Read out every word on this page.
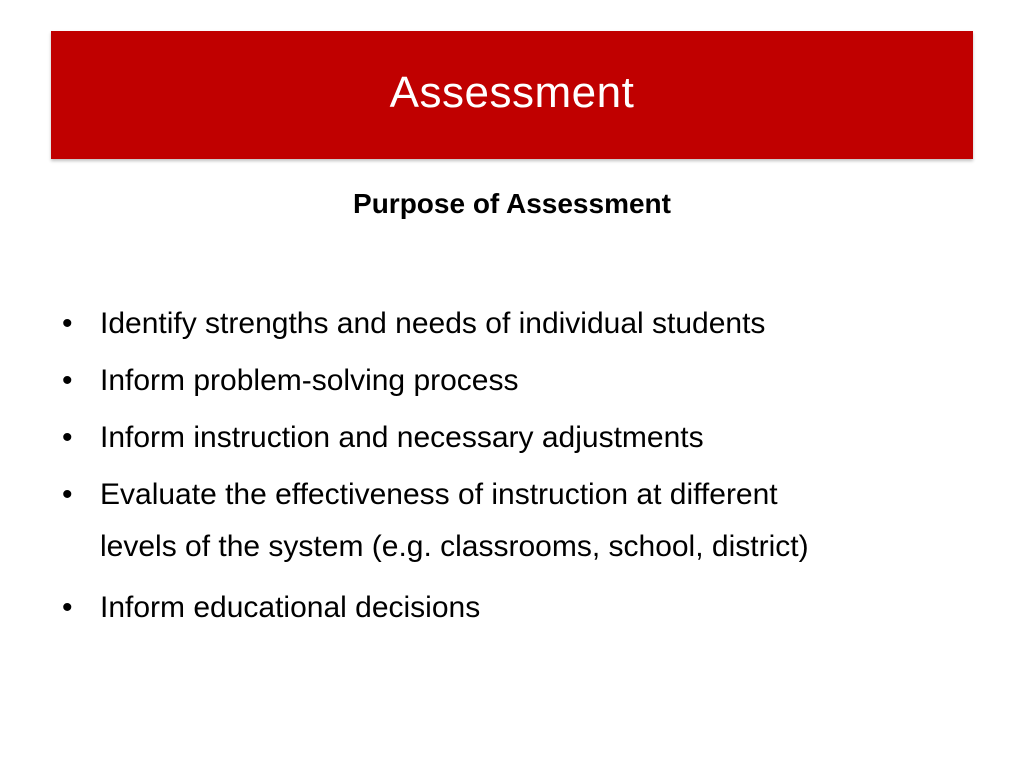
Assessment
Purpose of Assessment
• Identify strengths and needs of individual students
• Inform problem-solving process
• Inform instruction and necessary adjustments
• Evaluate the effectiveness of instruction at different
levels of the system (e.g. classrooms, school, district)
• Inform educational decisions
